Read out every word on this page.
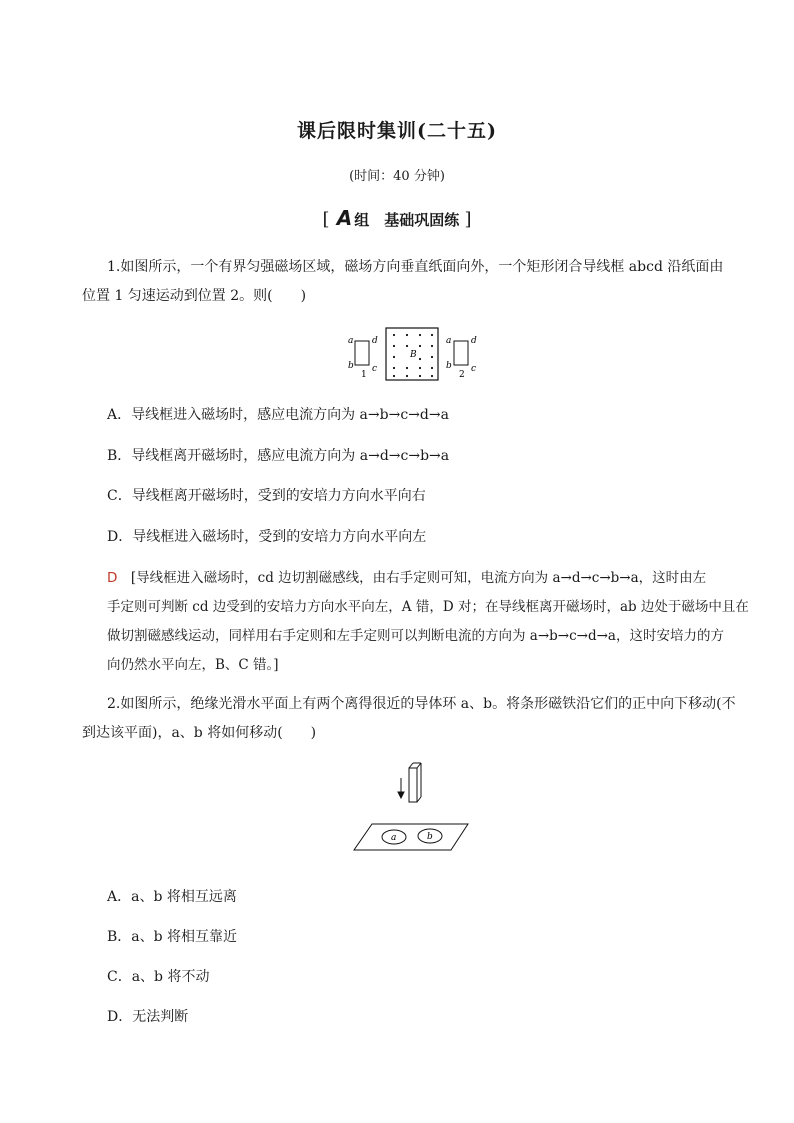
课后限时集训(二十五)
(时间：40 分钟)
[ A 组　基础巩固练 ]
1.如图所示，一个有界匀强磁场区域，磁场方向垂直纸面向外，一个矩形闭合导线框 abcd 沿纸面由
位置 1 匀速运动到位置 2。则(　　)
a d
b c
1
B
a d
b c
2
A．导线框进入磁场时，感应电流方向为 a→b→c→d→a
B．导线框离开磁场时，感应电流方向为 a→d→c→b→a
C．导线框离开磁场时，受到的安培力方向水平向右
D．导线框进入磁场时，受到的安培力方向水平向左
D　[导线框进入磁场时，cd 边切割磁感线，由右手定则可知，电流方向为 a→d→c→b→a，这时由左
手定则可判断 cd 边受到的安培力方向水平向左，A 错，D 对；在导线框离开磁场时，ab 边处于磁场中且在
做切割磁感线运动，同样用右手定则和左手定则可以判断电流的方向为 a→b→c→d→a，这时安培力的方
向仍然水平向左，B、C 错。]
2.如图所示，绝缘光滑水平面上有两个离得很近的导体环 a、b。将条形磁铁沿它们的正中向下移动(不
到达该平面)，a、b 将如何移动(　　)
a	b
A．a、b 将相互远离
B．a、b 将相互靠近
C．a、b 将不动
D．无法判断
